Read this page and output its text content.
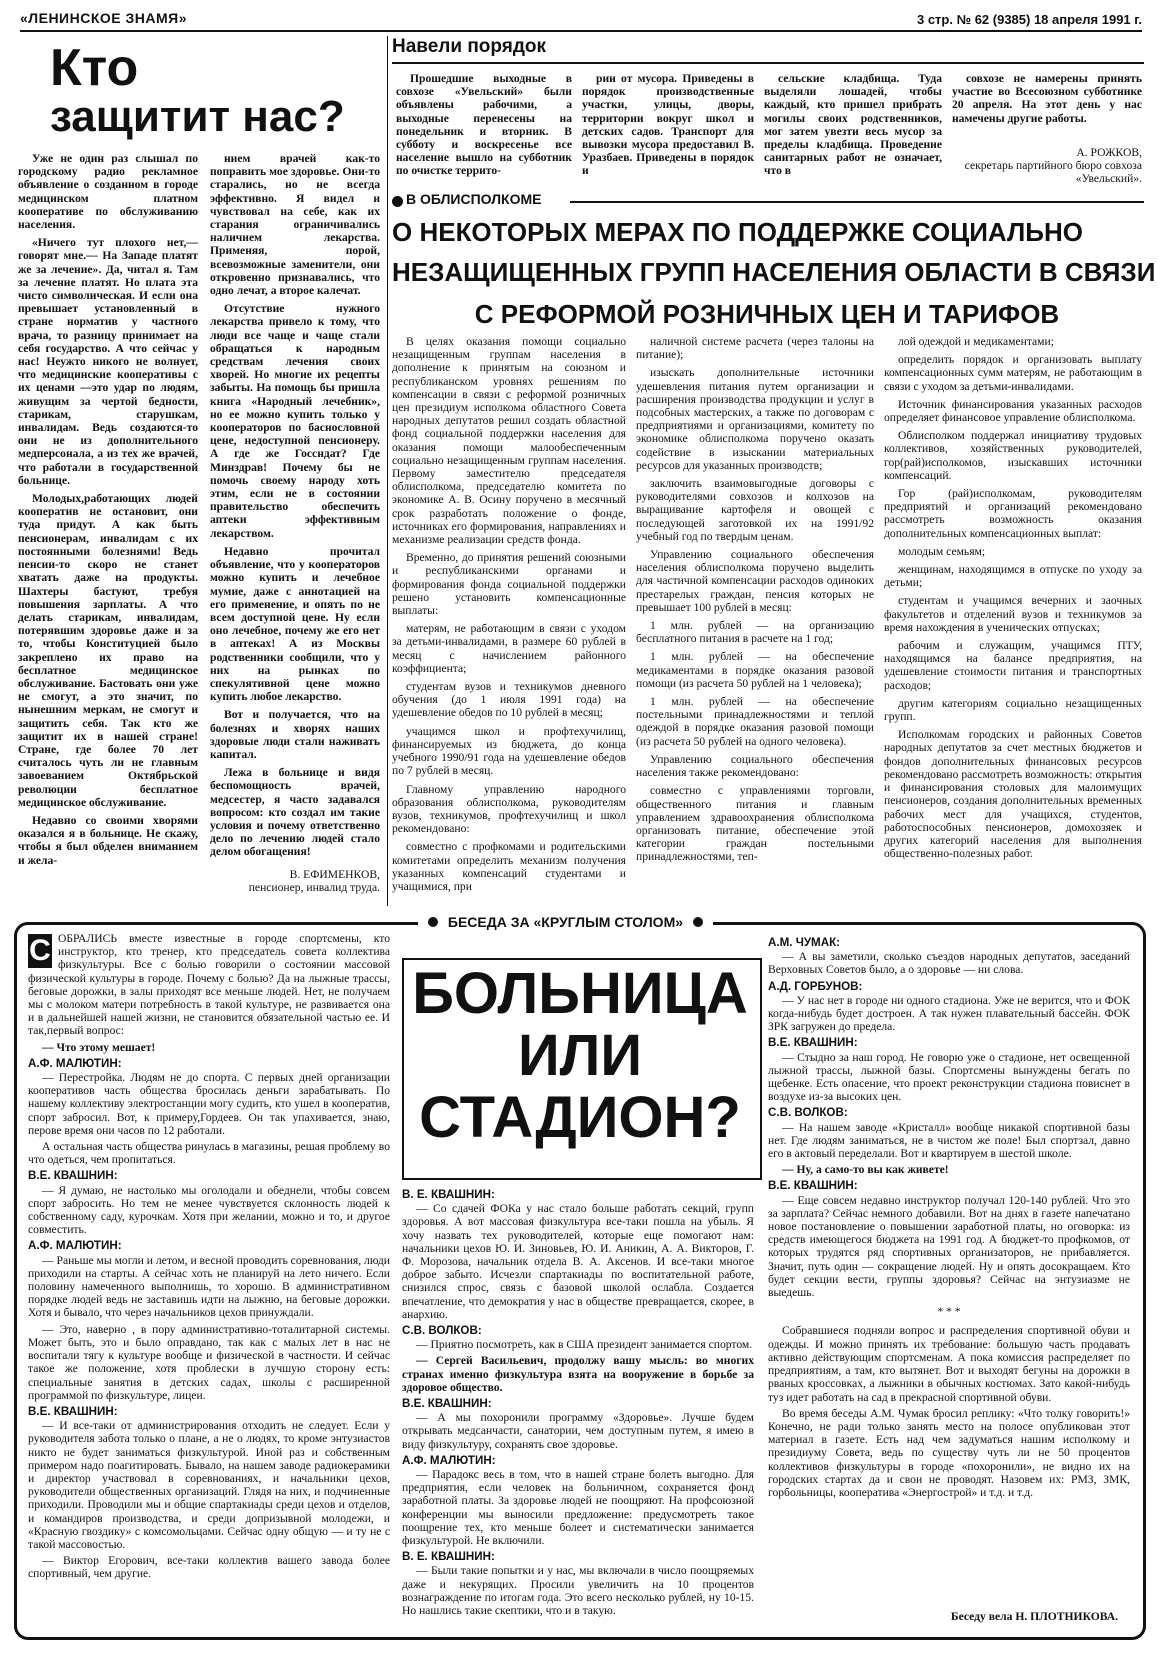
«ЛЕНИНСКОЕ ЗНАМЯ»	3 стр. № 62 (9385) 18 апреля 1991 г.
Кто
защитит нас?

Уже не один раз слышал по городскому радио рекламное объявление о созданном в городе медицинском платном кооперативе по обслуживанию населения.

«Ничего тут плохого нет,— говорят мне.— На Западе платят же за лечение». Да, читал я. Там за лечение платят. Но плата эта чисто символическая. И если она превышает установленный в стране норматив у частного врача, то разницу принимает на себя государство. А что сейчас у нас! Неужто никого не волнует, что медицинские кооперативы с их ценами —это удар по людям, живущим за чертой бедности, старикам, старушкам, инвалидам. Ведь создаются-то они не из дополнительного медперсонала, а из тех же врачей, что работали в государственной больнице.

Молодых,работающих людей кооператив не остановит, они туда придут. А как быть пенсионерам, инвалидам с их постоянными болезнями! Ведь пенсии-то скоро не станет хватать даже на продукты. Шахтеры бастуют, требуя повышения зарплаты. А что делать старикам, инвалидам, потерявшим здоровье даже и за то, чтобы Конституцией было закреплено их право на бесплатное медицинское обслуживание. Бастовать они уже не смогут, а это значит, по нынешним меркам, не смогут и защитить себя. Так кто же защитит их в нашей стране! Стране, где более 70 лет считалось чуть ли не главным завоеванием Октябрьской революции бесплатное медицинское обслуживание.

Недавно со своими хворями оказался я в больнице. Не скажу, чтобы я был обделен вниманием и жела-

нием врачей как-то поправить мое здоровье. Они-то старались, но не всегда эффективно. Я видел и чувствовал на себе, как их старания ограничивались наличием лекарства. Применяя, порой, всевозможные заменители, они откровенно признавались, что одно лечат, а второе калечат.

Отсутствие нужного лекарства привело к тому, что люди все чаще и чаще стали обращаться к народным средствам лечения своих хворей. Но многие их рецепты забыты. На помощь бы пришла книга «Народный лечебник», но ее можно купить только у кооператоров по баснословной цене, недоступной пенсионеру. А где же Госсндат? Где Минздрав! Почему бы не помочь своему народу хоть этим, если не в состоянии правительство обеспечить аптеки эффективным лекарством.

Недавно прочитал объявление, что у кооператоров можно купить и лечебное мумие, даже с аннотацией на его применение, и опять по не всем доступной цене. Ну если оно лечебное, почему же его нет в аптеках! А из Москвы родственники сообщили, что у них на рынках по спекулятивной цене можно купить любое лекарство.

Вот и получается, что на болезнях и хворях наших здоровые люди стали наживать капитал.

Лежа в больнице и видя беспомощность врачей, медсестер, я часто задавался вопросом: кто создал им такие условия и почему ответственно дело по лечению людей стало делом обогащения!

В. ЕФИМЕНКОВ,
пенсионер, инвалид труда.
Навели порядок

Прошедшие выходные в совхозе «Увельский» были объявлены рабочими, а выходные перенесены на понедельник и вторник. В субботу и воскресенье все население вышло на субботник по очистке террито-

рии от мусора. Приведены в порядок производственные участки, улицы, дворы, территории вокруг школ и детских садов. Транспорт для вывозки мусора предоставил В. Уразбаев. Приведены в порядок и

сельские кладбища. Туда выделяли лошадей, чтобы каждый, кто пришел прибрать могилы своих родственников, мог затем увезти весь мусор за пределы кладбища. Проведение санитарных работ не означает, что в

совхозе не намерены принять участие во Всесоюзном субботнике 20 апреля. На этот день у нас намечены другие работы.

А. РОЖКОВ,
секретарь партийного бюро совхоза «Увельский».
В ОБЛИСПОЛКОМЕ
О НЕКОТОРЫХ МЕРАХ ПО ПОДДЕРЖКЕ СОЦИАЛЬНО
НЕЗАЩИЩЕННЫХ ГРУПП НАСЕЛЕНИЯ ОБЛАСТИ В СВЯЗИ
С РЕФОРМОЙ РОЗНИЧНЫХ ЦЕН И ТАРИФОВ

В целях оказания помощи социально незащищенным группам населения в дополнение к принятым на союзном и республиканском уровнях решениям по компенсации в связи с реформой розничных цен президиум исполкома областного Совета народных депутатов решил создать областной фонд социальной поддержки населения для оказания помощи малообеспеченным социально незащищенным группам населения. Первому заместителю председателя облисполкома, председателю комитета по экономике А. В. Осину поручено в месячный срок разработать положение о фонде, источниках его формирования, направлениях и механизме реализации средств фонда.

Временно, до принятия решений союзными и республиканскими органами и формирования фонда социальной поддержки решено установить компенсационные выплаты:

матерям, не работающим в связи с уходом за детьми-инвалидами, в размере 60 рублей в месяц с начислением районного коэффициента;

студентам вузов и техникумов дневного обучения (до 1 июля 1991 года) на удешевление обедов по 10 рублей в месяц;

учащимся школ и профтехучилищ, финансируемых из бюджета, до конца учебного 1990/91 года на удешевление обедов по 7 рублей в месяц.

Главному управлению народного образования облисполкома, руководителям вузов, техникумов, профтехучилищ и школ рекомендовано:

совместно с профкомами и родительскими комитетами определить механизм получения указанных компенсаций студентами и учащимися, при

наличной системе расчета (через талоны на питание);

изыскать дополнительные источники удешевления питания путем организации и расширения производства продукции и услуг в подсобных мастерских, а также по договорам с предприятиями и организациями, комитету по экономике облисполкома поручено оказать содействие в изыскании материальных ресурсов для указанных производств;

заключить взаимовыгодные договоры с руководителями совхозов и колхозов на выращивание картофеля и овощей с последующей заготовкой их на 1991/92 учебный год по твердым ценам.

Управлению социального обеспечения населения облисполкома поручено выделить для частичной компенсации расходов одиноких престарелых граждан, пенсия которых не превышает 100 рублей в месяц:

1 млн. рублей — на организацию бесплатного питания в расчете на 1 год;

1 млн. рублей — на обеспечение медикаментами в порядке оказания разовой помощи (из расчета 50 рублей на 1 человека);

1 млн. рублей — на обеспечение постельными принадлежностями и теплой одеждой в порядке оказания разовой помощи (из расчета 50 рублей на одного человека).

Управлению социального обеспечения населения также рекомендовано:

совместно с управлениями торговли, общественного питания и главным управлением здравоохранения облисполкома организовать питание, обеспечение этой категории граждан постельными принадлежностями, теп-

лой одеждой и медикаментами;

определить порядок и организовать выплату компенсационных сумм матерям, не работающим в связи с уходом за детьми-инвалидами.

Источник финансирования указанных расходов определяет финансовое управление облисполкома.

Облисполком поддержал инициативу трудовых коллективов, хозяйственных руководителей, гор(рай)исполкомов, изыскавших источники компенсаций.

Гор (рай)исполкомам, руководителям предприятий и организаций рекомендовано рассмотреть возможность оказания дополнительных компенсационных выплат:

молодым семьям;

женщинам, находящимся в отпуске по уходу за детьми;

студентам и учащимся вечерних и заочных факультетов и отделений вузов и техникумов за время нахождения в ученических отпусках;

рабочим и служащим, учащимся ПТУ, находящимся на балансе предприятия, на удешевление стоимости питания и транспортных расходов;

другим категориям социально незащищенных групп.

Исполкомам городских и районных Советов народных депутатов за счет местных бюджетов и фондов дополнительных финансовых ресурсов рекомендовано рассмотреть возможность: открытия и финансирования столовых для малоимущих пенсионеров, создания дополнительных временных рабочих мест для учащихся, студентов, работоспособных пенсионеров, домохозяек и других категорий населения для выполнения общественно-полезных работ.

БЕСЕДА ЗА «КРУГЛЫМ СТОЛОМ»

С ОБРАЛИСЬ вместе известные в городе спортсмены, кто инструктор, кто тренер, кто председатель совета коллектива физкультуры. Все с болью говорили о состоянии массовой физической культуры в городе. Почему с болью? Да на лыжные трассы, беговые дорожки, в залы приходят все меньше людей. Нет, не получаем мы с молоком матери потребность в такой культуре, не развивается она и в дальнейшей нашей жизни, не становится обязательной частью ее. И так,первый вопрос:

— Что этому мешает!

А.Ф. МАЛЮТИН:

— Перестройка. Людям не до спорта. С первых дней организации кооперативов часть общества бросилась деньги зарабатывать. По нашему коллективу электростанции могу судить, кто ушел в кооператив, спорт забросил. Вот, к примеру,Гордеев. Он так упахивается, знаю, перове время они часов по 12 работали.

А остальная часть общества ринулась в магазины, решая проблему во что одеться, чем пропитаться.

В.Е. КВАШНИН:

— Я думаю, не настолько мы оголодали и обеднели, чтобы совсем спорт забросить. Но тем не менее чувствуется склонность людей к собственному саду, курочкам. Хотя при желании, можно и то, и другое совместить.

А.Ф. МАЛЮТИН:

— Раньше мы могли и летом, и весной проводить соревнования, люди приходили на старты. А сейчас хоть не планируй на лето ничего. Если половину намеченного выполнишь, то хорошо. В административном порядке людей ведь не заставишь идти на лыжню, на беговые дорожки. Хотя и бывало, что через начальников цехов принуждали.

— Это, наверно , в пору административно-тоталитарной системы. Может быть, это и было оправдано, так как с малых лет в нас не воспитали тягу к культуре вообще и физической в частности. И сейчас такое же положение, хотя проблески в лучшую сторону есть: специальные занятия в детских садах, школы с расширенной программой по физкультуре, лицеи.

В.Е. КВАШНИН:

— И все-таки от администрирования отходить не следует. Если у руководителя забота только о плане, а не о людях, то кроме энтузиастов никто не будет заниматься физкультурой. Иной раз и собственным примером надо поагитировать. Бывало, на нашем заводе радиокерамики и директор участвовал в соревнованиях, и начальники цехов, руководители общественных организаций. Глядя на них, и подчиненные приходили. Проводили мы и общие спартакиады среди цехов и отделов, и командиров производства, и среди допризывной молодежи, и «Красную гвоздику» с комсомольцами. Сейчас одну общую — и ту не с такой массовостью.

— Виктор Егорович, все-таки коллектив вашего завода более спортивный, чем другие.

БОЛЬНИЦА
ИЛИ
СТАДИОН?
В. Е. КВАШНИН:

— Со сдачей ФОКа у нас стало больше работать секций, групп здоровья. А вот массовая физкультура все-таки пошла на убыль. Я хочу назвать тех руководителей, которые еще помогают нам: начальники цехов Ю. И. Зиновьев, Ю. И. Аникин, А. А. Викторов, Г. Ф. Морозова, начальник отдела В. А. Аксенов. И все-таки многое доброе забыто. Исчезли спартакиады по воспитательной работе, снизился спрос, связь с базовой школой ослабла. Создается впечатление, что демократия у нас в обществе превращается, скорее, в анархию.

С.В. ВОЛКОВ:

— Приятно посмотреть, как в США президент занимается спортом.

— Сергей Васильевич, продолжу вашу мысль: во многих странах именно физкультура взята на вооружение в борьбе за здоровое общество.

В.Е. КВАШНИН:

— А мы похоронили программу «Здоровье». Лучше будем открывать медсанчасти, санатории, чем доступным путем, я имею в виду физкультуру, сохранять свое здоровье.

А.Ф. МАЛЮТИН:

— Парадокс весь в том, что в нашей стране болеть выгодно. Для предприятия, если человек на больничном, сохраняется фонд заработной платы. За здоровье людей не поощряют. На профсоюзной конференции мы выносили предложение: предусмотреть такое поощрение тех, кто меньше болеет и систематически занимается физкультурой. Не включили.

В. Е. КВАШНИН:

— Были такие попытки и у нас, мы включали в число поощряемых даже и некурящих. Просили увеличить на 10 процентов вознаграждение по итогам года. Это всего несколько рублей, ну 10-15. Но нашлись такие скептики, что и в такую.

А.М. ЧУМАК:

— А вы заметили, сколько съездов народных депутатов, заседаний Верховных Советов было, а о здоровье — ни слова.

А.Д. ГОРБУНОВ:

— У нас нет в городе ни одного стадиона. Уже не верится, что и ФОК когда-нибудь будет достроен. А так нужен плавательный бассейн. ФОК ЗРК загружен до предела.

В.Е. КВАШНИН:

— Стыдно за наш город. Не говорю уже о стадионе, нет освещенной лыжной трассы, лыжной базы. Спортсмены вынуждены бегать по щебенке. Есть опасение, что проект реконструкции стадиона повиснет в воздухе из-за высоких цен.

С.В. ВОЛКОВ:

— На нашем заводе «Кристалл» вообще никакой спортивной базы нет. Где людям заниматься, не в чистом же поле! Был спортзал, давно его в актовый переделали. Вот и квартируем в шестой школе.

— Ну, а само-то вы как живете!

В.Е. КВАШНИН:

— Еще совсем недавно инструктор получал 120-140 рублей. Что это за зарплата? Сейчас немного добавили. Вот на днях в газете напечатано новое постановление о повышении заработной платы, но оговорка: из средств имеющегося бюджета на 1991 год. А бюджет-то профкомов, от которых трудятся ряд спортивных организаторов, не прибавляется. Значит, путь один — сокращение людей. Ну и опять досокращаем. Кто будет секции вести, группы здоровья? Сейчас на энтузиазме не выедешь.

* * *

Собравшиеся подняли вопрос и распределения спортивной обуви и одежды. И можно принять их требование: большую часть продавать активно действующим спортсменам. А пока комиссия распределяет по предприятиям, а там, кто вытянет. Вот и выходят бегуны на дорожки в рваных кроссовках, а лыжники в обычных костюмах. Зато какой-нибудь туз идет работать на сад в прекрасной спортивной обуви.

Во время беседы А.М. Чумак бросил реплику: «Что толку говорить!» Конечно, не ради только занять место на полосе опубликован этот материал в газете. Есть над чем задуматься нашим исполкому и президиуму Совета, ведь по существу чуть ли не 50 процентов коллективов физкультуры в городе «похоронили», не видно их на городских стартах да и свои не проводят. Назовем их: РМЗ, ЗМК, горбольницы, кооператива «Энергострой» и т.д. и т.д.

Беседу вела Н. ПЛОТНИКОВА.
